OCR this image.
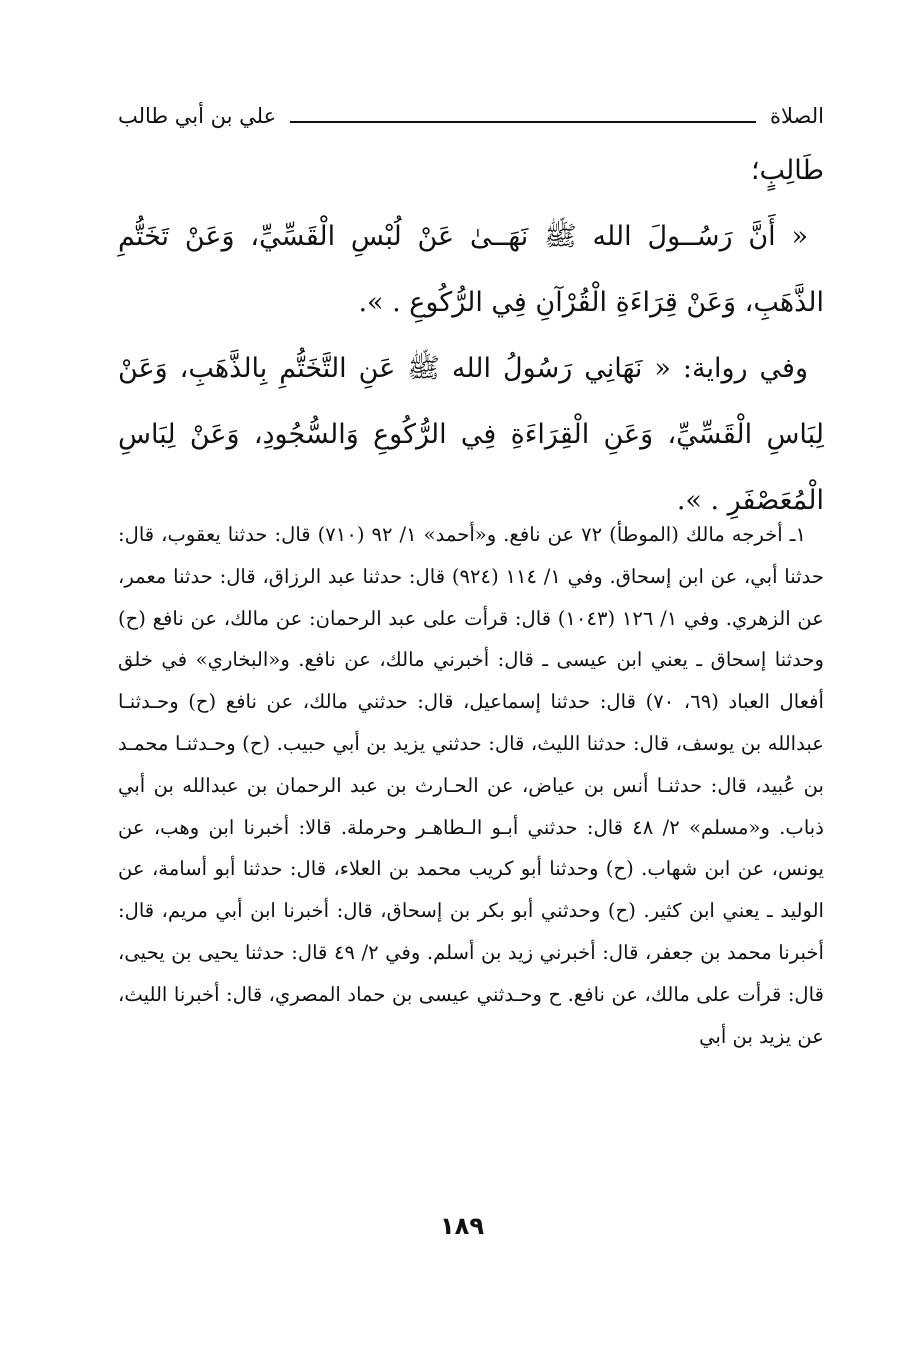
الصلاة
علي بن أبي طالب

طَالِبٍ؛

« أَنَّ رَسُــولَ الله ﷺ نَهَــىٰ عَنْ لُبْسِ الْقَسِّيِّ، وَعَنْ تَخَتُّمِ الذَّهَبِ، وَعَنْ قِرَاءَةِ الْقُرْآنِ فِي الرُّكُوعِ . ».

وفي رواية: « نَهَانِي رَسُولُ الله ﷺ عَنِ التَّخَتُّمِ بِالذَّهَبِ، وَعَنْ لِبَاسِ الْقَسِّيِّ، وَعَنِ الْقِرَاءَةِ فِي الرُّكُوعِ وَالسُّجُودِ، وَعَنْ لِبَاسِ الْمُعَصْفَرِ . ».

١ـ أخرجه مالك (الموطأ) ٧٢ عن نافع. و«أحمد» ١/ ٩٢ (٧١٠) قال: حدثنا يعقوب، قال: حدثنا أبي، عن ابن إسحاق. وفي ١/ ١١٤ (٩٢٤) قال: حدثنا عبد الرزاق، قال: حدثنا معمر، عن الزهري. وفي ١/ ١٢٦ (١٠٤٣) قال: قرأت على عبد الرحمان: عن مالك، عن نافع (ح) وحدثنا إسحاق ـ يعني ابن عيسى ـ قال: أخبرني مالك، عن نافع. و«البخاري» في خلق أفعال العباد (٦٩، ٧٠) قال: حدثنا إسماعيل، قال: حدثني مالك، عن نافع (ح) وحـدثنـا عبدالله بن يوسف، قال: حدثنا الليث، قال: حدثني يزيد بن أبي حبيب. (ح) وحـدثنـا محمـد بن عُبيد، قال: حدثنـا أنس بن عياض، عن الحـارث بن عبد الرحمان بن عبدالله بن أبي ذباب. و«مسلم» ٢/ ٤٨ قال: حدثني أبـو الـطاهـر وحرملة. قالا: أخبرنا ابن وهب، عن يونس، عن ابن شهاب. (ح) وحدثنا أبو كريب محمد بن العلاء، قال: حدثنا أبو أسامة، عن الوليد ـ يعني ابن كثير. (ح) وحدثني أبو بكر بن إسحاق، قال: أخبرنا ابن أبي مريم، قال: أخبرنا محمد بن جعفر، قال: أخبرني زيد بن أسلم. وفي ٢/ ٤٩ قال: حدثنا يحيى بن يحيى، قال: قرأت على مالك، عن نافع. ح وحـدثني عيسى بن حماد المصري، قال: أخبرنا الليث، عن يزيد بن أبي

١٨٩
